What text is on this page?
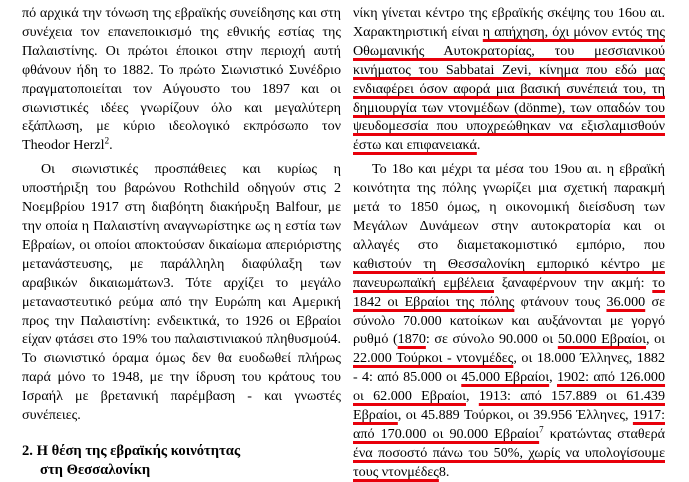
πό αρχικά την τόνωση της εβραϊκής συνείδησης και στη συνέχεια τον επανεποικισμό της εθνικής εστίας της Παλαιστίνης. Οι πρώτοι έποικοι στην περιοχή αυτή φθάνουν ήδη το 1882. Το πρώτο Σιωνιστικό Συνέδριο πραγματοποιείται τον Αύγουστο του 1897 και οι σιωνιστικές ιδέες γνωρίζουν όλο και μεγαλύτερη εξάπλωση, με κύριο ιδεολογικό εκπρόσωπο τον Theodor Herzl$^2$.

Οι σιωνιστικές προσπάθειες και κυρίως η υποστήριξη του βαρώνου Rothchild οδηγούν στις 2 Νοεμβρίου 1917 στη διαβόητη διακήρυξη Balfour, με την οποία η Παλαιστίνη αναγνωρίστηκε ως η εστία των Εβραίων, οι οποίοι αποκτούσαν δικαίωμα απεριόριστης μετανάστευσης, με παράλληλη διαφύλαξη των αραβικών δικαιωμάτων3. Τότε αρχίζει το μεγάλο μεταναστευτικό ρεύμα από την Ευρώπη και Αμερική προς την Παλαιστίνη: ενδεικτικά, το 1926 οι Εβραίοι είχαν φτάσει στο 19% του παλαιστινιακού πληθυσμού4. Το σιωνιστικό όραμα όμως δεν θα ευοδωθεί πλήρως παρά μόνο το 1948, με την ίδρυση του κράτους του Ισραήλ με βρετανική παρέμβαση - και γνωστές συνέπειες.

2. Η θέση της εβραϊκής κοινότητας
στη Θεσσαλονίκη

νίκη γίνεται κέντρο της εβραϊκής σκέψης του 16ου αι. Χαρακτηριστική είναι η απήχηση, όχι μόνον εντός της Οθωμανικής Αυτοκρατορίας, του μεσσιανικού κινήματος του Sabbatai Zevi, κίνημα που εδώ μας ενδιαφέρει όσον αφορά μια βασική συνέπειά του, τη δημιουργία των ντονμέδων (dönme), των οπαδών του ψευδομεσσία που υποχρεώθηκαν να εξισλαμισθούν έστω και επιφανειακά.

Το 18ο και μέχρι τα μέσα του 19ου αι. η εβραϊκή κοινότητα της πόλης γνωρίζει μια σχετική παρακμή μετά το 1850 όμως, η οικονομική διείσδυση των Μεγάλων Δυνάμεων στην αυτοκρατορία και οι αλλαγές στο διαμετακομιστικό εμπόριο, που καθιστούν τη Θεσσαλονίκη εμπορικό κέντρο με πανευρωπαϊκή εμβέλεια ξαναφέρνουν την ακμή: το 1842 οι Εβραίοι της πόλης φτάνουν τους 36.000 σε σύνολο 70.000 κατοίκων και αυξάνονται με γοργό ρυθμό (1870: σε σύνολο 90.000 οι 50.000 Εβραίοι, οι 22.000 Τούρκοι - ντονμέδες, οι 18.000 Έλληνες, 1882 - 4: από 85.000 οι 45.000 Εβραίοι, 1902: από 126.000 οι 62.000 Εβραίοι, 1913: από 157.889 οι 61.439 Εβραίοι, οι 45.889 Τούρκοι, οι 39.956 Έλληνες, 1917: από 170.000 οι 90.000 Εβραίοι$^7$ κρατώντας σταθερά ένα ποσοστό πάνω του 50%, χωρίς να υπολογίσουμε τους ντονμέδες8.
